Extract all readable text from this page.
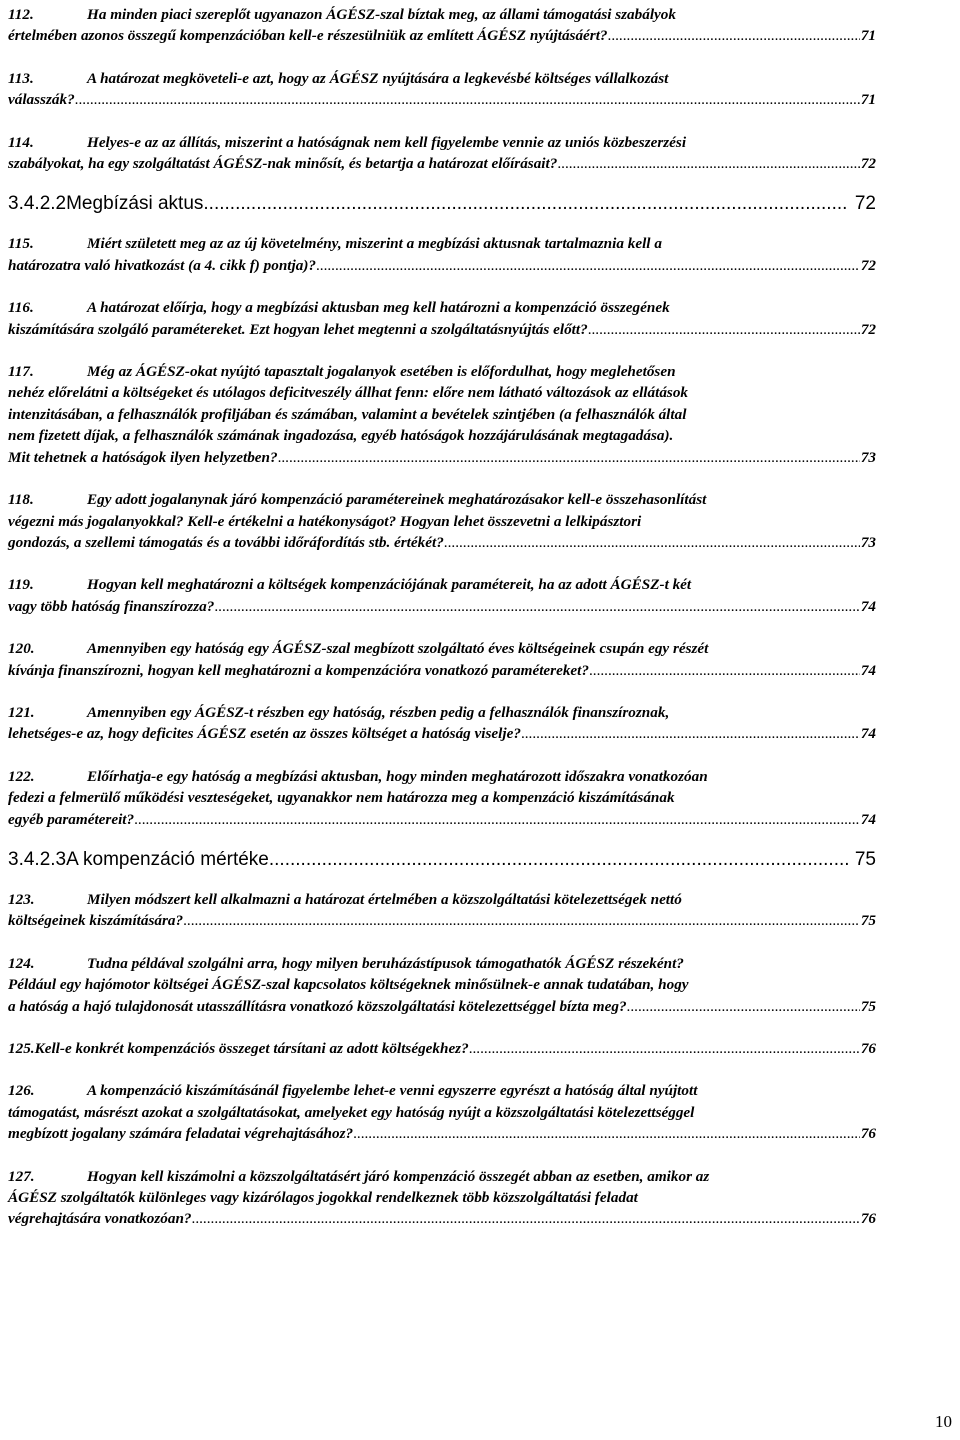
112.	Ha minden piaci szereplőt ugyanazon ÁGÉSZ-szal bíztak meg, az állami támogatási szabályok
értelmében azonos összegű kompenzációban kell-e részesülniük az említett ÁGÉSZ nyújtásáért? .....	71
113.	A határozat megköveteli-e azt, hogy az ÁGÉSZ nyújtására a legkevésbé költséges vállalkozást
válasszák? .....	71
114.	Helyes-e az az állítás, miszerint a hatóságnak nem kell figyelembe vennie az uniós közbeszerzési
szabályokat, ha egy szolgáltatást ÁGÉSZ-nak minősít, és betartja a határozat előírásait? .....	72
3.4.2.2 Megbízási aktus .....	72
115.	Miért született meg az az új követelmény, miszerint a megbízási aktusnak tartalmaznia kell a
határozatra való hivatkozást (a 4. cikk f) pontja)? .....	72
116.	A határozat előírja, hogy a megbízási aktusban meg kell határozni a kompenzáció összegének
kiszámítására szolgáló paramétereket. Ezt hogyan lehet megtenni a szolgáltatásnyújtás előtt? .....	72
117.	Még az ÁGÉSZ-okat nyújtó tapasztalt jogalanyok esetében is előfordulhat, hogy meglehetősen
nehéz előrelátni a költségeket és utólagos deficitveszély állhat fenn: előre nem látható változások az ellátások
intenzitásában, a felhasználók profiljában és számában, valamint a bevételek szintjében (a felhasználók által
nem fizetett díjak, a felhasználók számának ingadozása, egyéb hatóságok hozzájárulásának megtagadása).
Mit tehetnek a hatóságok ilyen helyzetben? .....	73
118.	Egy adott jogalanynak járó kompenzáció paramétereinek meghatározásakor kell-e összehasonlítást
végezni más jogalanyokkal? Kell-e értékelni a hatékonyságot? Hogyan lehet összevetni a lelkipásztori
gondozás, a szellemi támogatás és a további időráfordítás stb. értékét? .....	73
119.	Hogyan kell meghatározni a költségek kompenzációjának paramétereit, ha az adott ÁGÉSZ-t két
vagy több hatóság finanszírozza? .....	74
120.	Amennyiben egy hatóság egy ÁGÉSZ-szal megbízott szolgáltató éves költségeinek csupán egy részét
kívánja finanszírozni, hogyan kell meghatározni a kompenzációra vonatkozó paramétereket? .....	74
121.	Amennyiben egy ÁGÉSZ-t részben egy hatóság, részben pedig a felhasználók finanszíroznak,
lehetséges-e az, hogy deficites ÁGÉSZ esetén az összes költséget a hatóság viselje? .....	74
122.	Előírhatja-e egy hatóság a megbízási aktusban, hogy minden meghatározott időszakra vonatkozóan
fedezi a felmerülő működési veszteségeket, ugyanakkor nem határozza meg a kompenzáció kiszámításának
egyéb paramétereit? .....	74
3.4.2.3 A kompenzáció mértéke .....	75
123.	Milyen módszert kell alkalmazni a határozat értelmében a közszolgáltatási kötelezettségek nettó
költségeinek kiszámítására? .....	75
124.	Tudna példával szolgálni arra, hogy milyen beruházástípusok támogathatók ÁGÉSZ részeként?
Például egy hajómotor költségei ÁGÉSZ-szal kapcsolatos költségeknek minősülnek-e annak tudatában, hogy
a hatóság a hajó tulajdonosát utasszállításra vonatkozó közszolgáltatási kötelezettséggel bízta meg? .....	75
125. Kell-e konkrét kompenzációs összeget társítani az adott költségekhez? .....	76
126.	A kompenzáció kiszámításánál figyelembe lehet-e venni egyszerre egyrészt a hatóság által nyújtott
támogatást, másrészt azokat a szolgáltatásokat, amelyeket egy hatóság nyújt a közszolgáltatási kötelezettséggel
megbízott jogalany számára feladatai végrehajtásához? .....	76
127.	Hogyan kell kiszámolni a közszolgáltatásért járó kompenzáció összegét abban az esetben, amikor az
ÁGÉSZ szolgáltatók különleges vagy kizárólagos jogokkal rendelkeznek több közszolgáltatási feladat
végrehajtására vonatkozóan? .....	76
10
